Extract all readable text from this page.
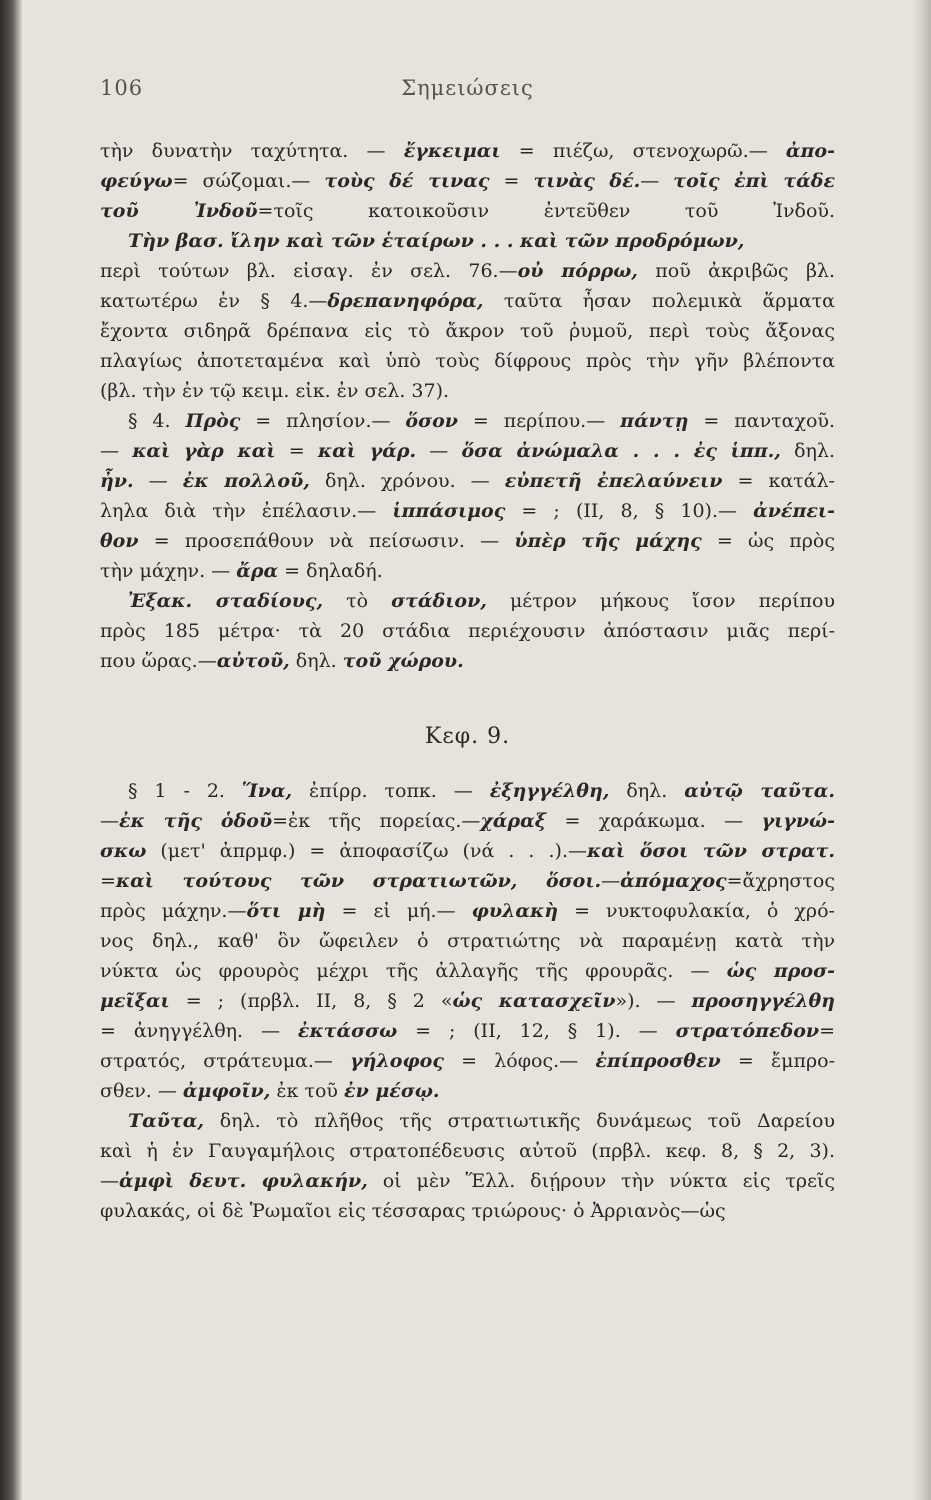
106	Σημειώσεις
τὴν δυνατὴν ταχύτητα. — ἔγκειμαι = πιέζω, στενοχωρῶ.— ἀπο-
φεύγω= σώζομαι.— τοὺς δέ τινας = τινὰς δέ.— τοῖς ἐπὶ τάδε
τοῦ Ἰνδοῦ=τοῖς κατοικοῦσιν ἐντεῦθεν τοῦ Ἰνδοῦ.
Τὴν βασ. ἴλην καὶ τῶν ἑταίρων . . . καὶ τῶν προδρόμων,
περὶ τούτων βλ. εἰσαγ. ἐν σελ. 76.—οὐ πόρρω, ποῦ ἀκριβῶς βλ.
κατωτέρω ἐν § 4.—δρεπανηφόρα, ταῦτα ἦσαν πολεμικὰ ἅρματα
ἔχοντα σιδηρᾶ δρέπανα εἰς τὸ ἄκρον τοῦ ῥυμοῦ, περὶ τοὺς ἄξονας
πλαγίως ἀποτεταμένα καὶ ὑπὸ τοὺς δίφρους πρὸς τὴν γῆν βλέποντα
(βλ. τὴν ἐν τῷ κειμ. εἰκ. ἐν σελ. 37).
§ 4. Πρὸς = πλησίον.— ὅσον = περίπου.— πάντῃ = πανταχοῦ.
— καὶ γὰρ καὶ = καὶ γάρ. — ὅσα ἀνώμαλα . . . ἐς ἱππ., δηλ.
ἦν. — ἐκ πολλοῦ, δηλ. χρόνου. — εὐπετῆ ἐπελαύνειν = κατάλ-
ληλα διὰ τὴν ἐπέλασιν.— ἱππάσιμος = ; (II, 8, § 10).— ἀνέπει-
θον = προσεπάθουν νὰ πείσωσιν. — ὑπὲρ τῆς μάχης = ὡς πρὸς
τὴν μάχην. — ἄρα = δηλαδή.
Ἐξακ. σταδίους, τὸ στάδιον, μέτρον μήκους ἴσον περίπου
πρὸς 185 μέτρα· τὰ 20 στάδια περιέχουσιν ἀπόστασιν μιᾶς περί-
που ὥρας.—αὐτοῦ, δηλ. τοῦ χώρου.
Κεφ. 9.
§ 1 - 2. Ἵνα, ἐπίρρ. τοπκ. — ἐξηγγέλθη, δηλ. αὐτῷ ταῦτα.
—ἐκ τῆς ὁδοῦ=ἐκ τῆς πορείας.—χάραξ = χαράκωμα. — γιγνώ-
σκω (μετ' ἀπρμφ.) = ἀποφασίζω (νά . . .).—καὶ ὅσοι τῶν στρατ.
=καὶ τούτους τῶν στρατιωτῶν, ὅσοι.—ἀπόμαχος=ἄχρηστος
πρὸς μάχην.—ὅτι μὴ = εἰ μή.— φυλακὴ = νυκτοφυλακία, ὁ χρό-
νος δηλ., καθ' ὃν ὤφειλεν ὁ στρατιώτης νὰ παραμένῃ κατὰ τὴν
νύκτα ὡς φρουρὸς μέχρι τῆς ἀλλαγῆς τῆς φρουρᾶς. — ὡς προσ-
μεῖξαι = ; (πρβλ. II, 8, § 2 «ὡς κατασχεῖν»). — προσηγγέλθη
= ἀνηγγέλθη. — ἐκτάσσω = ; (II, 12, § 1). — στρατόπεδον=
στρατός, στράτευμα.— γήλοφος = λόφος.— ἐπίπροσθεν = ἔμπρο-
σθεν. — ἀμφοῖν, ἐκ τοῦ ἐν μέσῳ.
Ταῦτα, δηλ. τὸ πλῆθος τῆς στρατιωτικῆς δυνάμεως τοῦ Δαρείου
καὶ ἡ ἐν Γαυγαμήλοις στρατοπέδευσις αὐτοῦ (πρβλ. κεφ. 8, § 2, 3).
—ἀμφὶ δευτ. φυλακήν, οἱ μὲν Ἕλλ. διῄρουν τὴν νύκτα εἰς τρεῖς
φυλακάς, οἱ δὲ Ῥωμαῖοι εἰς τέσσαρας τριώρους· ὁ Ἀρριανὸς—ὡς
